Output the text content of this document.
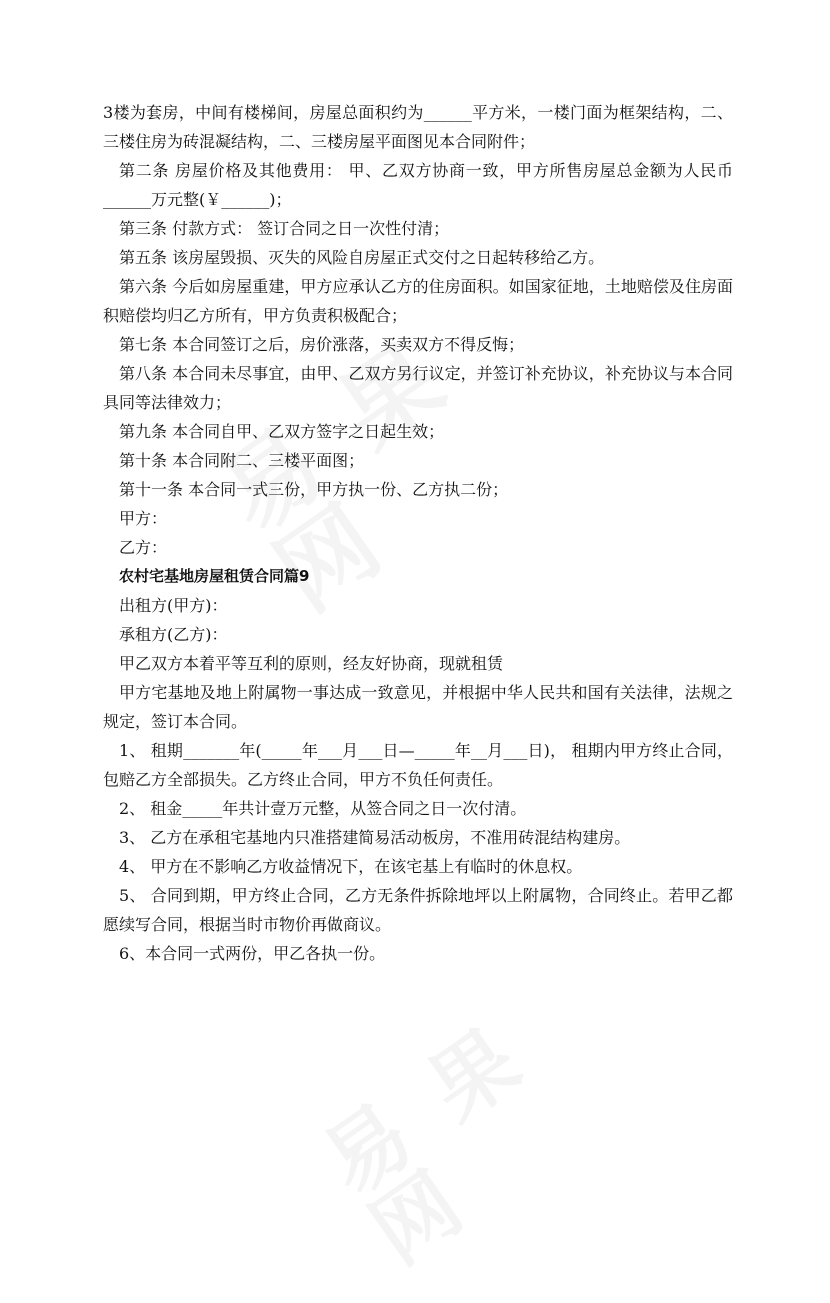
3楼为套房，中间有楼梯间，房屋总面积约为______平方米，一楼门面为框架结构，二、三楼住房为砖混凝结构，二、三楼房屋平面图见本合同附件；

第二条 房屋价格及其他费用： 甲、乙双方协商一致，甲方所售房屋总金额为人民币______万元整(￥______)；

第三条 付款方式： 签订合同之日一次性付清；

第五条 该房屋毁损、灭失的风险自房屋正式交付之日起转移给乙方。

第六条 今后如房屋重建，甲方应承认乙方的住房面积。如国家征地，土地赔偿及住房面积赔偿均归乙方所有，甲方负责积极配合；

第七条 本合同签订之后，房价涨落，买卖双方不得反悔；

第八条 本合同未尽事宜，由甲、乙双方另行议定，并签订补充协议，补充协议与本合同具同等法律效力；

第九条 本合同自甲、乙双方签字之日起生效；

第十条 本合同附二、三楼平面图；

第十一条 本合同一式三份，甲方执一份、乙方执二份；

甲方：

乙方：

农村宅基地房屋租赁合同篇9

出租方(甲方)：

承租方(乙方)：

甲乙双方本着平等互利的原则，经友好协商，现就租赁

甲方宅基地及地上附属物一事达成一致意见，并根据中华人民共和国有关法律，法规之规定，签订本合同。

1、 租期_______年(_____年___月___日—_____年__月___日)， 租期内甲方终止合同，包赔乙方全部损失。乙方终止合同，甲方不负任何责任。

2、 租金_____年共计壹万元整，从签合同之日一次付清。

3、 乙方在承租宅基地内只准搭建简易活动板房，不准用砖混结构建房。

4、 甲方在不影响乙方收益情况下，在该宅基上有临时的休息权。

5、 合同到期，甲方终止合同，乙方无条件拆除地坪以上附属物，合同终止。若甲乙都愿续写合同，根据当时市物价再做商议。

6、本合同一式两份，甲乙各执一份。
